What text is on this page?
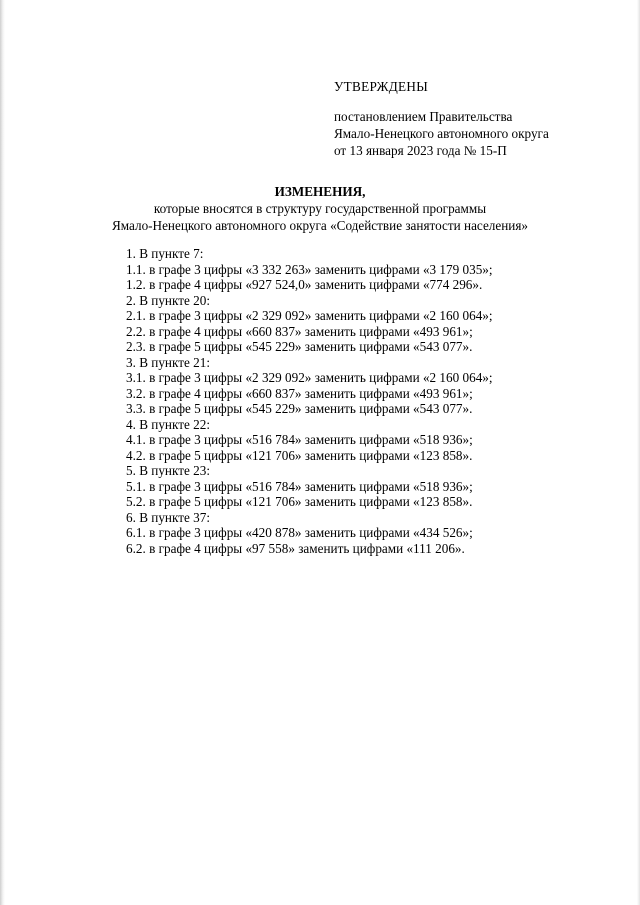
УТВЕРЖДЕНЫ
постановлением Правительства
Ямало-Ненецкого автономного округа
от 13 января 2023 года № 15-П
ИЗМЕНЕНИЯ,
которые вносятся в структуру государственной программы
Ямало-Ненецкого автономного округа «Содействие занятости населения»
1. В пункте 7:
1.1. в графе 3 цифры «3 332 263» заменить цифрами «3 179 035»;
1.2. в графе 4 цифры «927 524,0» заменить цифрами «774 296».
2. В пункте 20:
2.1. в графе 3 цифры «2 329 092» заменить цифрами «2 160 064»;
2.2. в графе 4 цифры «660 837» заменить цифрами «493 961»;
2.3. в графе 5 цифры «545 229» заменить цифрами «543 077».
3. В пункте 21:
3.1. в графе 3 цифры «2 329 092» заменить цифрами «2 160 064»;
3.2. в графе 4 цифры «660 837» заменить цифрами «493 961»;
3.3. в графе 5 цифры «545 229» заменить цифрами «543 077».
4. В пункте 22:
4.1. в графе 3 цифры «516 784» заменить цифрами «518 936»;
4.2. в графе 5 цифры «121 706» заменить цифрами «123 858».
5. В пункте 23:
5.1. в графе 3 цифры «516 784» заменить цифрами «518 936»;
5.2. в графе 5 цифры «121 706» заменить цифрами «123 858».
6. В пункте 37:
6.1. в графе 3 цифры «420 878» заменить цифрами «434 526»;
6.2. в графе 4 цифры «97 558» заменить цифрами «111 206».
